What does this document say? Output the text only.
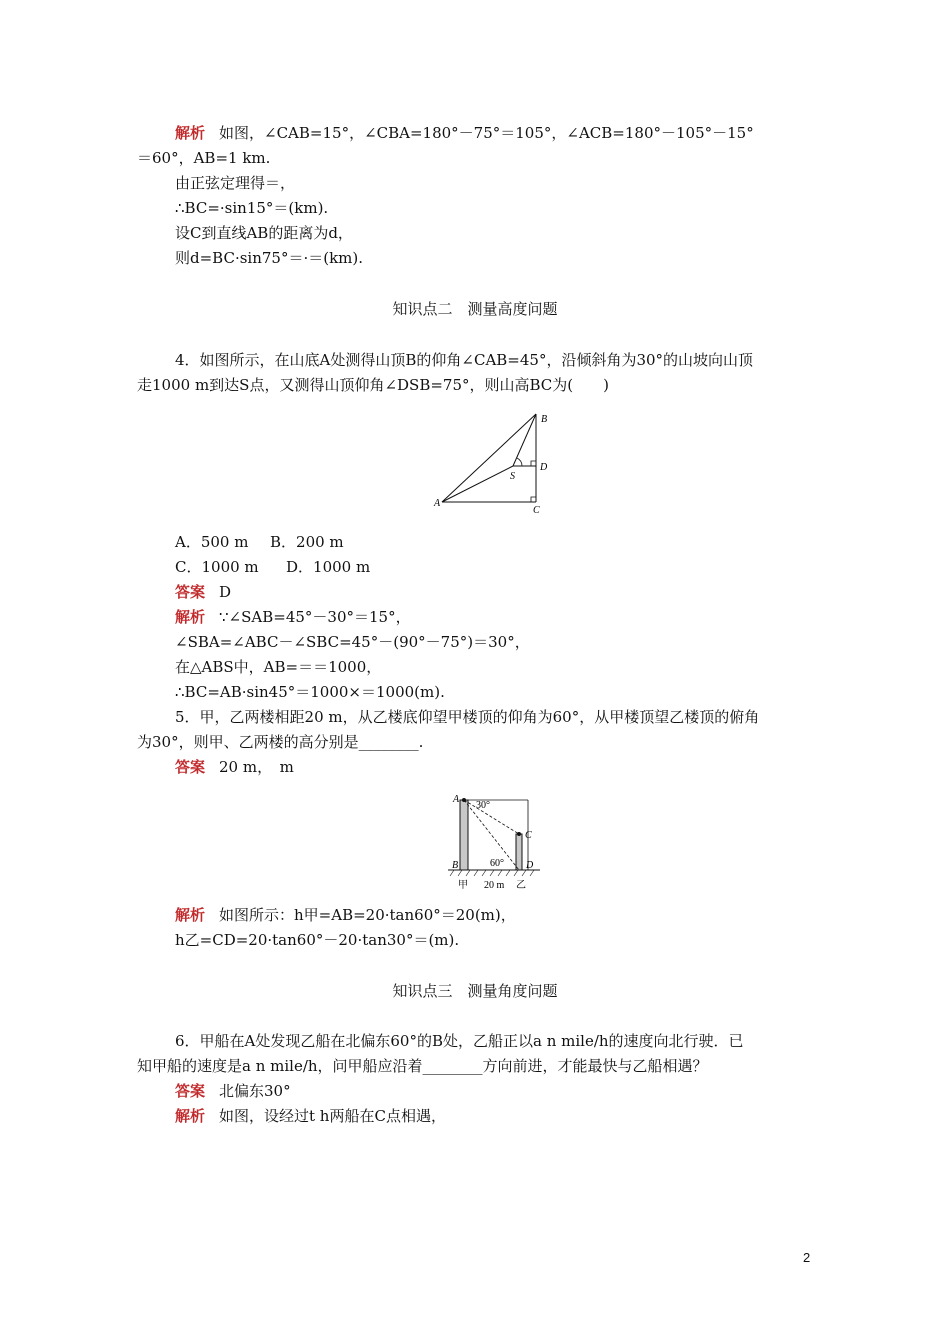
解析 如图，∠CAB=15°，∠CBA=180°－75°＝105°，∠ACB=180°－105°－15°
＝60°，AB=1 km.
由正弦定理得＝，
∴BC=·sin15°＝(km).
设C到直线AB的距离为d，
则d=BC·sin75°＝·＝(km).
知识点二　测量高度问题
4．如图所示，在山底A处测得山顶B的仰角∠CAB=45°，沿倾斜角为30°的山坡向山顶
走1000 m到达S点，又测得山顶仰角∠DSB=75°，则山高BC为(　　)
B
D
S
A
C
A．500 m B．200 m
C．1000 m D．1000 m
答案 D
解析 ∵∠SAB=45°－30°＝15°，
∠SBA=∠ABC－∠SBC=45°－(90°－75°)＝30°，
在△ABS中，AB=＝＝1000，
∴BC=AB·sin45°＝1000×＝1000(m).
5．甲，乙两楼相距20 m，从乙楼底仰望甲楼顶的仰角为60°，从甲楼顶望乙楼顶的俯角
为30°，则甲、乙两楼的高分别是________.
答案 20 m，　m
A
30°
C
B	60° D
甲 20 m 乙
解析 如图所示：h甲=AB=20·tan60°＝20(m)，
h乙=CD=20·tan60°－20·tan30°＝(m).
知识点三　测量角度问题
6．甲船在A处发现乙船在北偏东60°的B处，乙船正以a n mile/h的速度向北行驶．已
知甲船的速度是a n mile/h，问甲船应沿着________方向前进，才能最快与乙船相遇？
答案 北偏东30°
解析 如图，设经过t h两船在C点相遇，
2
